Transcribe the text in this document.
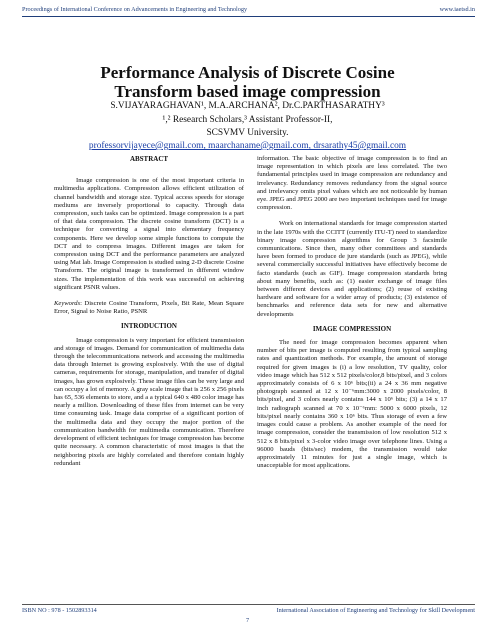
Proceedings of International Conference on Advancements in Engineering and Technology	www.iaetsd.in
Performance Analysis of Discrete Cosine
Transform based image compression
S.VIJAYARAGHAVAN¹, M.A.ARCHANA², Dr.C.PARTHASARATHY³
¹,² Research Scholars,³ Assistant Professor-II,
SCSVMV University.
professorvijayece@gmail.com, maarchaname@gmail.com, drsarathy45@gmail.com
ABSTRACT

Image compression is one of the most important criteria in multimedia applications. Compression allows efficient utilization of channel bandwidth and storage size. Typical access speeds for storage mediums are inversely proportional to capacity. Through data compression, such tasks can be optimized. Image compression is a part of that data compression. The discrete cosine transform (DCT) is a technique for converting a signal into elementary frequency components. Here we develop some simple functions to compute the DCT and to compress images. Different images are taken for compression using DCT and the performance parameters are analyzed using Mat lab. Image Compression is studied using 2-D discrete Cosine Transform. The original image is transformed in different window sizes. The implementation of this work was successful on achieving significant PSNR values.

Keywords: Discrete Cosine Transform, Pixels, Bit Rate, Mean Square Error, Signal to Noise Ratio, PSNR

INTRODUCTION

Image compression is very important for efficient transmission and storage of images. Demand for communication of multimedia data through the telecommunications network and accessing the multimedia data through Internet is growing explosively. With the use of digital cameras, requirements for storage, manipulation, and transfer of digital images, has grown explosively. These image files can be very large and can occupy a lot of memory. A gray scale image that is 256 x 256 pixels has 65, 536 elements to store, and a a typical 640 x 480 color image has nearly a million. Downloading of these files from internet can be very time consuming task. Image data comprise of a significant portion of the multimedia data and they occupy the major portion of the communication bandwidth for multimedia communication. Therefore development of efficient techniques for image compression has become quite necessary. A common characteristic of most images is that the neighboring pixels are highly correlated and therefore contain highly redundant

information. The basic objective of image compression is to find an image representation in which pixels are less correlated. The two fundamental principles used in image compression are redundancy and irrelevancy. Redundancy removes redundancy from the signal source and irrelevancy omits pixel values which are not noticeable by human eye. JPEG and JPEG 2000 are two important techniques used for image compression.

Work on international standards for image compression started in the late 1970s with the CCITT (currently ITU-T) need to standardize binary image compression algorithms for Group 3 facsimile communications. Since then, many other committees and standards have been formed to produce de jure standards (such as JPEG), while several commercially successful initiatives have effectively become de facto standards (such as GIF). Image compression standards bring about many benefits, such as: (1) easier exchange of image files between different devices and applications; (2) reuse of existing hardware and software for a wider array of products; (3) existence of benchmarks and reference data sets for new and alternative developments

IMAGE COMPRESSION

The need for image compression becomes apparent when number of bits per image is computed resulting from typical sampling rates and quantization methods. For example, the amount of storage required for given images is (i) a low resolution, TV quality, color video image which has 512 x 512 pixels/color,8 bits/pixel, and 3 colors approximately consists of 6 x 10⁶ bits;(ii) a 24 x 36 mm negative photograph scanned at 12 x 10⁻⁶mm:3000 x 2000 pixels/color, 8 bits/pixel, and 3 colors nearly contains 144 x 10⁶ bits; (3) a 14 x 17 inch radiograph scanned at 70 x 10⁻⁶mm: 5000 x 6000 pixels, 12 bits/pixel nearly contains 360 x 10⁶ bits. Thus storage of even a few images could cause a problem. As another example of the need for image compression, consider the transmission of low resolution 512 x 512 x 8 bits/pixel x 3-color video image over telephone lines. Using a 96000 bauds (bits/sec) modem, the transmission would take approximately 11 minutes for just a single image, which is unacceptable for most applications.

ISBN NO : 978 - 1502893314	International Association of Engineering and Technology for Skill Development
7
